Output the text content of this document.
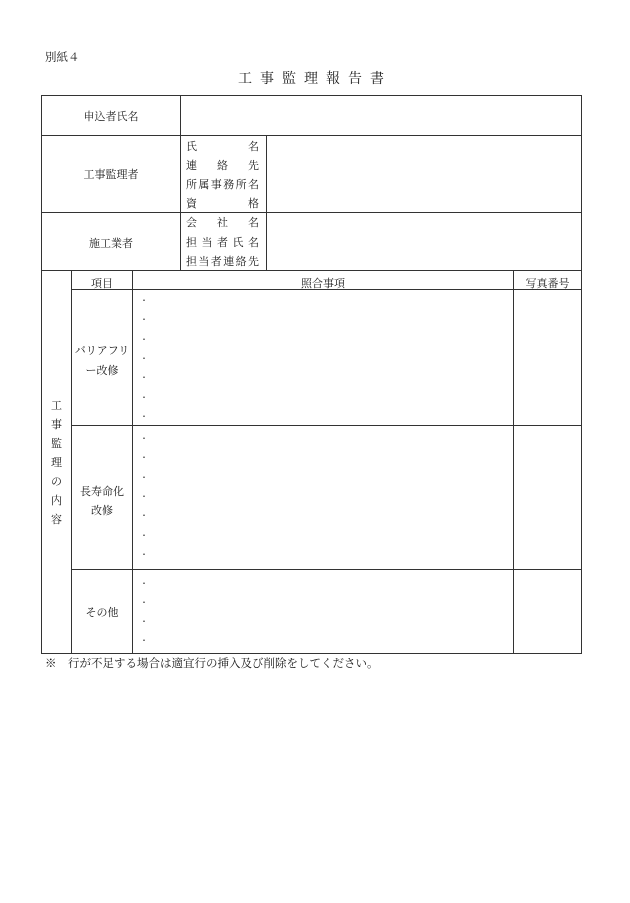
別紙４
工事監理報告書
申込者氏名
工事監理者
氏名
連絡先
所属事務所名
資格
施工業者
会社名
担当者氏名
担当者連絡先
工事監理の内容
項目	照合事項	写真番号
バリアフリ
ー改修
・
・
・
・
・
・
・
長寿命化
改修
・
・
・
・
・
・
・
その他
・
・
・
・
※　行が不足する場合は適宜行の挿入及び削除をしてください。
